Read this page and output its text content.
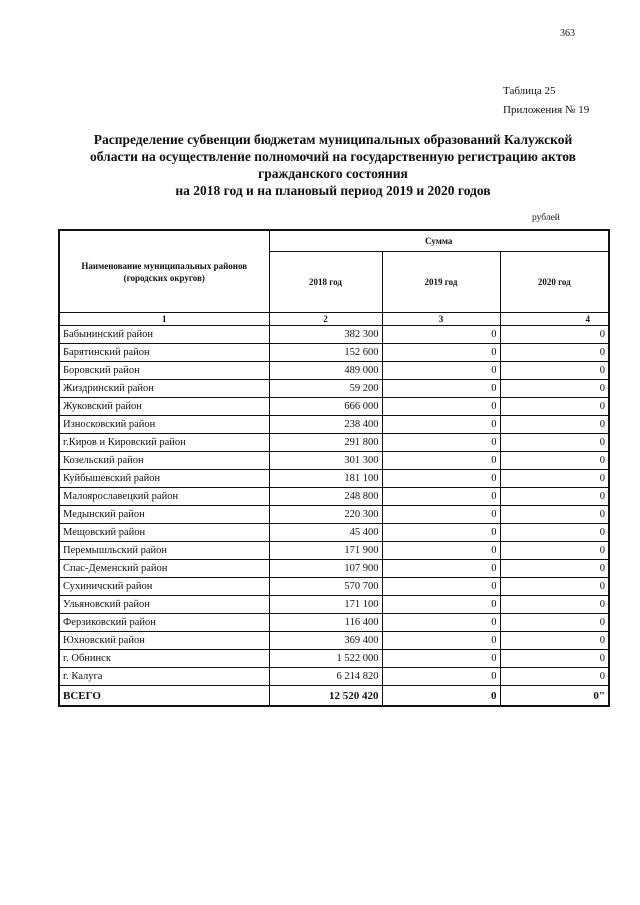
363
Таблица 25
Приложения № 19
Распределение субвенции бюджетам муниципальных образований Калужской
области на осуществление полномочий на государственную регистрацию актов
гражданского состояния
на 2018 год и на плановый период 2019 и 2020 годов
рублей
Наименование муниципальных районов (городских округов)	Сумма		
	2018 год	2019 год	2020 год
1	2	3	4
Бабынинский район	382 300	0	0
Барятинский район	152 600	0	0
Боровский район	489 000	0	0
Жиздринский район	59 200	0	0
Жуковский район	666 000	0	0
Износковский район	238 400	0	0
г.Киров и Кировский район	291 800	0	0
Козельский район	301 300	0	0
Куйбышевский район	181 100	0	0
Малоярославецкий район	248 800	0	0
Медынский район	220 300	0	0
Мещовский район	45 400	0	0
Перемышльский район	171 900	0	0
Спас-Деменский район	107 900	0	0
Сухиничский район	570 700	0	0
Ульяновский район	171 100	0	0
Ферзиковский район	116 400	0	0
Юхновский район	369 400	0	0
г. Обнинск	1 522 000	0	0
г. Калуга	6 214 820	0	0
ВСЕГО	12 520 420	0	0"
